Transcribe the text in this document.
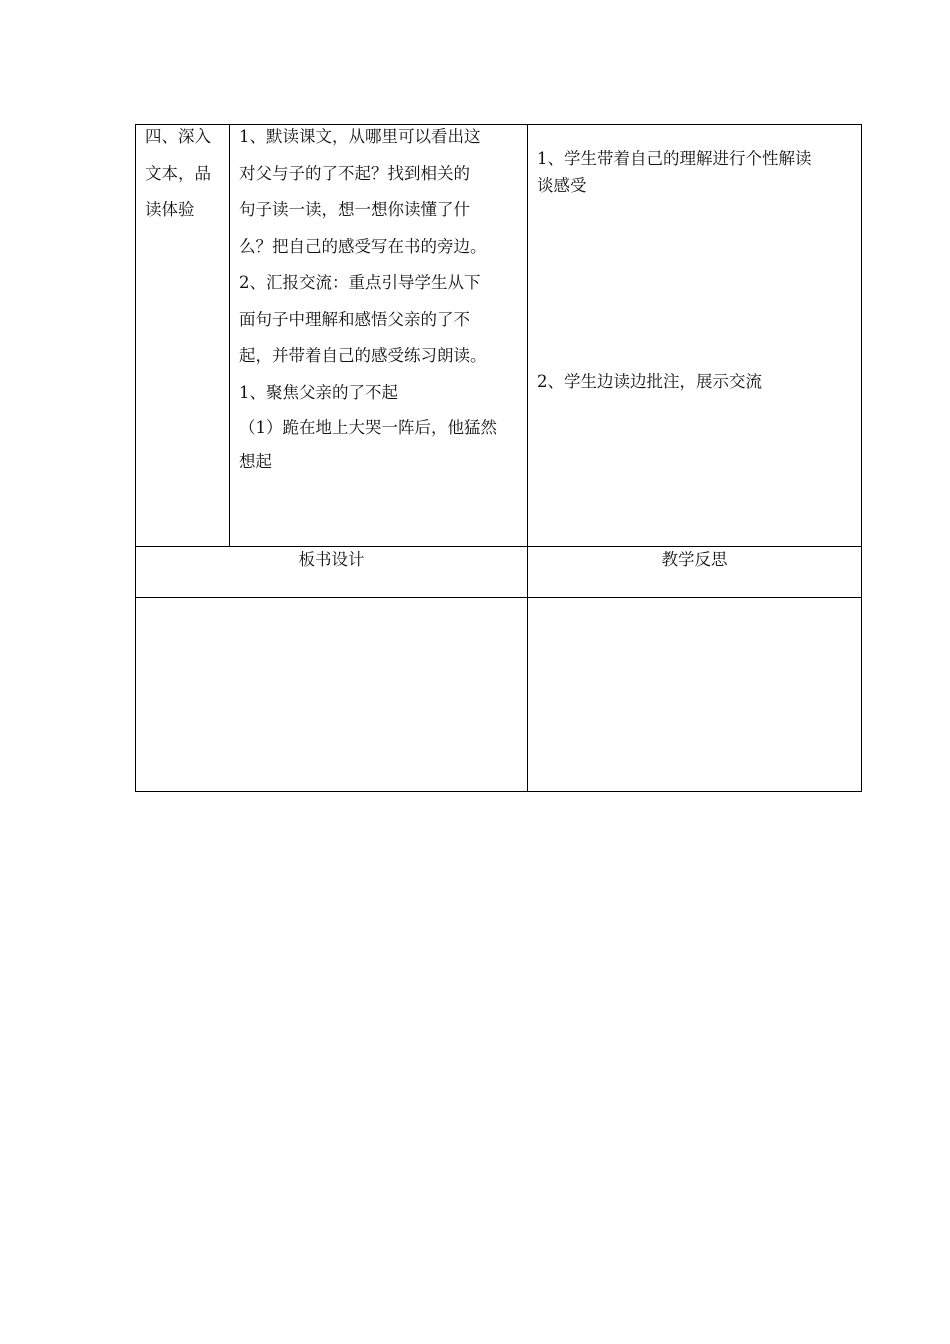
四、深入

文本，品

读体验

1、默读课文，从哪里可以看出这

对父与子的了不起？找到相关的

句子读一读，想一想你读懂了什

么？把自己的感受写在书的旁边。

2、汇报交流：重点引导学生从下

面句子中理解和感悟父亲的了不

起，并带着自己的感受练习朗读。

1、聚焦父亲的了不起

（1）跪在地上大哭一阵后，他猛然

想起

1、学生带着自己的理解进行个性解读

谈感受

2、学生边读边批注，展示交流

板书设计	教学反思
